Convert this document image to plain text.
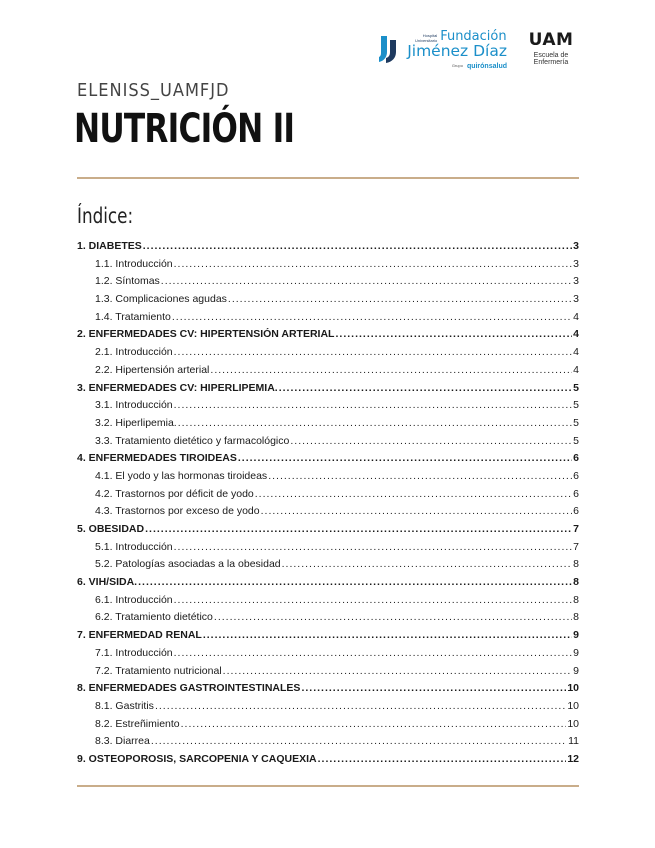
Hospital Universitario Fundación
Jiménez Díaz
Grupo quirónsalud
UAM
Escuela de
Enfermería
ELENISS_UAMFJD
NUTRICIÓN II
Índice:
1. DIABETES .....	3
1.1. Introducción .....	3
1.2. Síntomas .....	3
1.3. Complicaciones agudas .....	3
1.4. Tratamiento .....	4
2. ENFERMEDADES CV: HIPERTENSIÓN ARTERIAL .....	4
2.1. Introducción .....	4
2.2. Hipertensión arterial .....	4
3. ENFERMEDADES CV: HIPERLIPEMIA. .....	5
3.1. Introducción .....	5
3.2. Hiperlipemia. .....	5
3.3. Tratamiento dietético y farmacológico .....	5
4. ENFERMEDADES TIROIDEAS .....	6
4.1. El yodo y las hormonas tiroideas .....	6
4.2. Trastornos por déficit de yodo .....	6
4.3. Trastornos por exceso de yodo .....	6
5. OBESIDAD .....	7
5.1. Introducción .....	7
5.2. Patologías asociadas a la obesidad .....	8
6. VIH/SIDA. .....	8
6.1. Introducción .....	8
6.2. Tratamiento dietético .....	8
7. ENFERMEDAD RENAL .....	9
7.1. Introducción .....	9
7.2. Tratamiento nutricional .....	9
8. ENFERMEDADES GASTROINTESTINALES .....	10
8.1. Gastritis .....	10
8.2. Estreñimiento .....	10
8.3. Diarrea .....	11
9. OSTEOPOROSIS, SARCOPENIA Y CAQUEXIA .....	12
